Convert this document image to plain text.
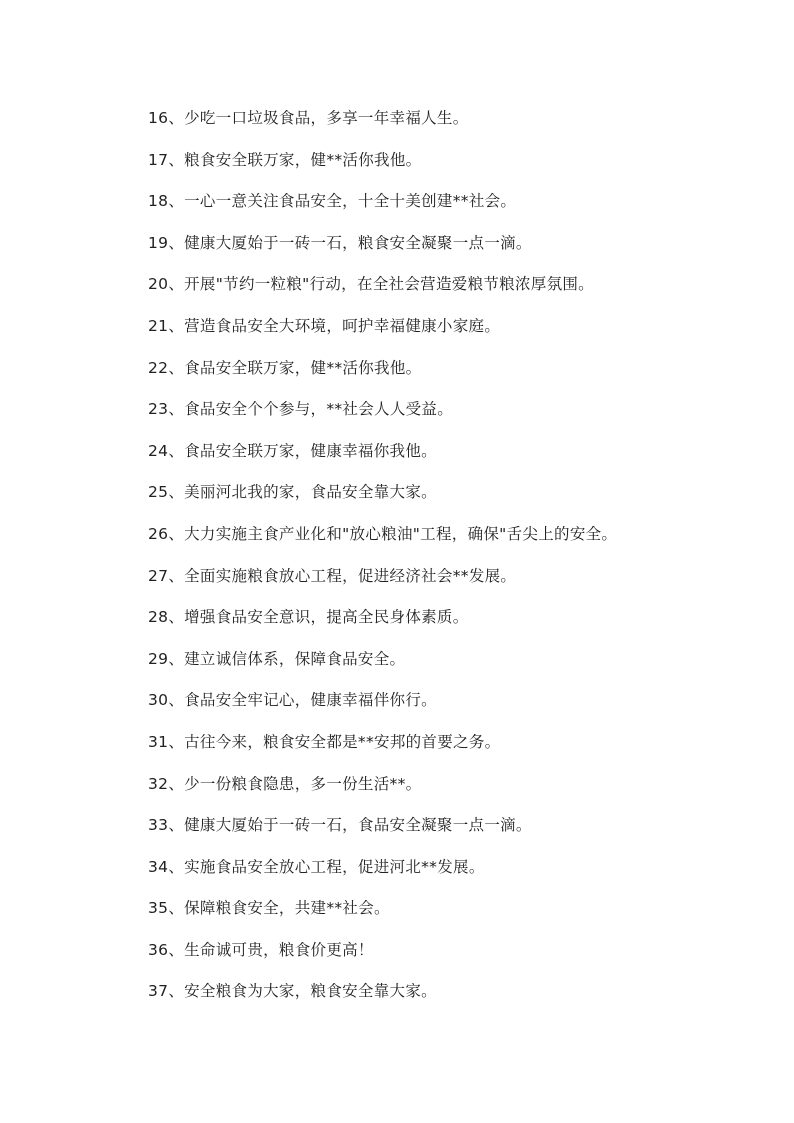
16、少吃一口垃圾食品，多享一年幸福人生。
17、粮食安全联万家，健**活你我他。
18、一心一意关注食品安全，十全十美创建**社会。
19、健康大厦始于一砖一石，粮食安全凝聚一点一滴。
20、开展"节约一粒粮"行动，在全社会营造爱粮节粮浓厚氛围。
21、营造食品安全大环境，呵护幸福健康小家庭。
22、食品安全联万家，健**活你我他。
23、食品安全个个参与，**社会人人受益。
24、食品安全联万家，健康幸福你我他。
25、美丽河北我的家，食品安全靠大家。
26、大力实施主食产业化和"放心粮油"工程，确保"舌尖上的安全。
27、全面实施粮食放心工程，促进经济社会**发展。
28、增强食品安全意识，提高全民身体素质。
29、建立诚信体系，保障食品安全。
30、食品安全牢记心，健康幸福伴你行。
31、古往今来，粮食安全都是**安邦的首要之务。
32、少一份粮食隐患，多一份生活**。
33、健康大厦始于一砖一石，食品安全凝聚一点一滴。
34、实施食品安全放心工程，促进河北**发展。
35、保障粮食安全，共建**社会。
36、生命诚可贵，粮食价更高！
37、安全粮食为大家，粮食安全靠大家。
